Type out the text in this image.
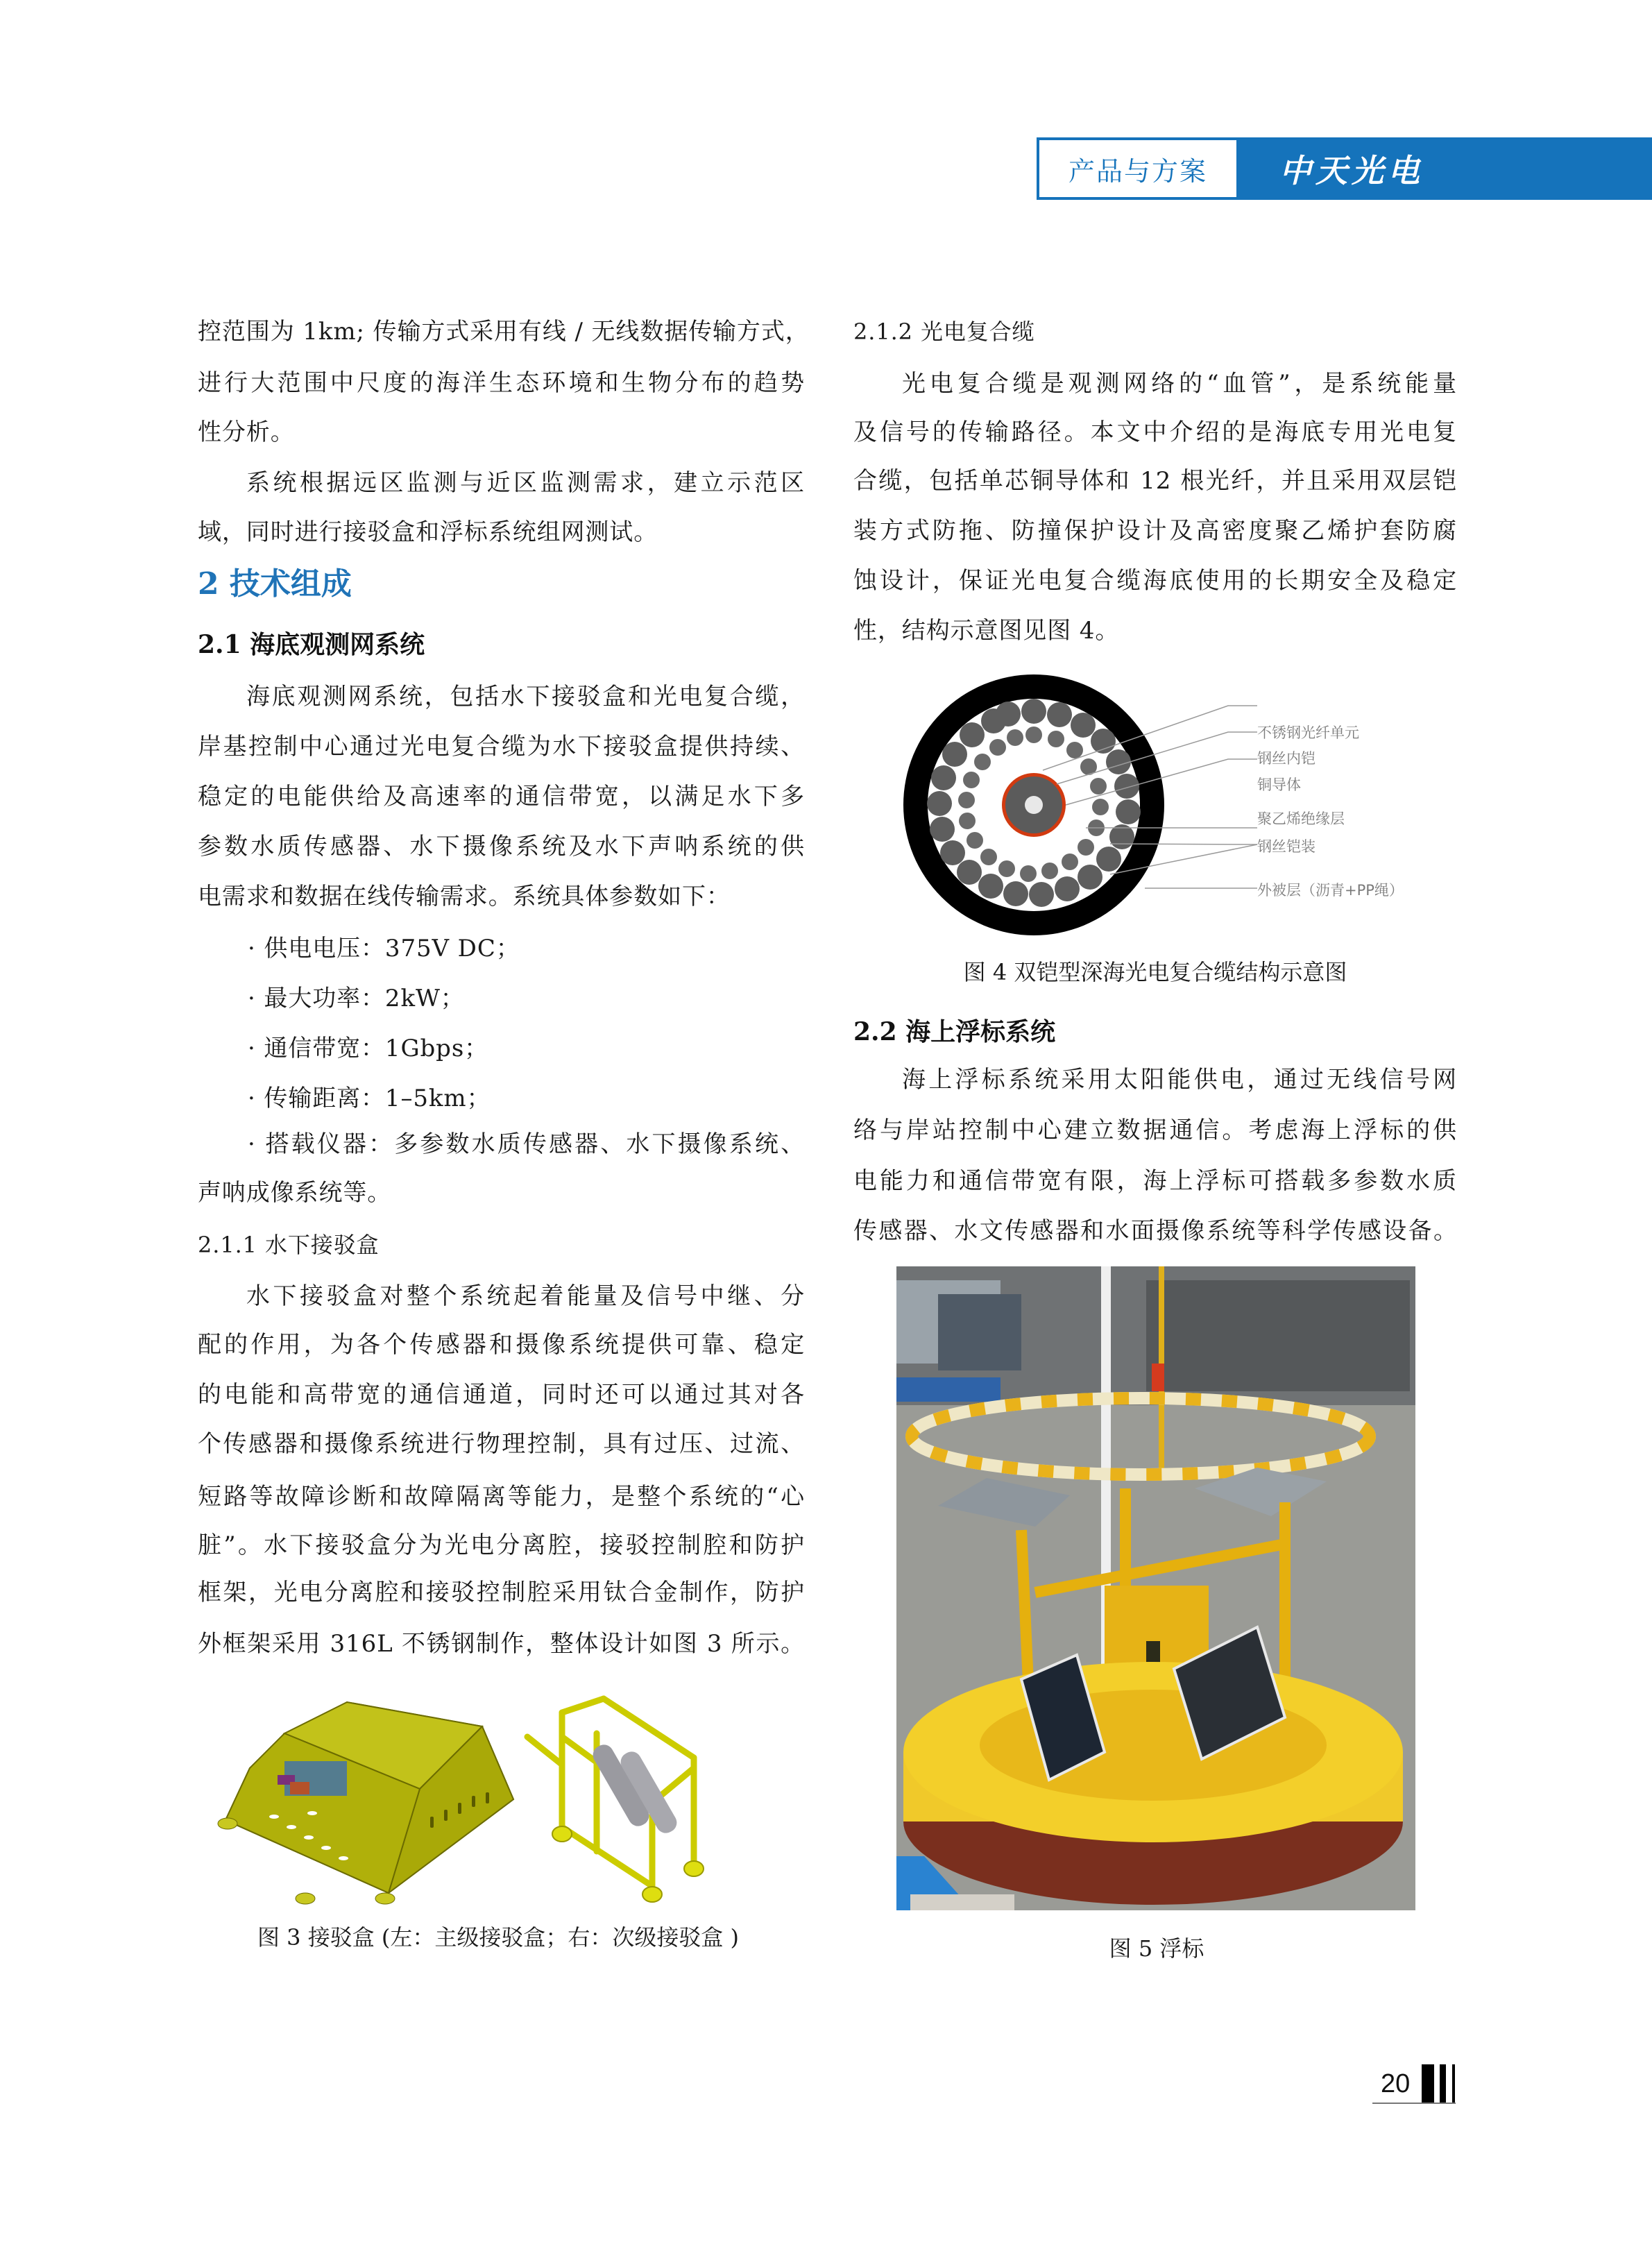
产品与方案 中天光电
控范围为 1km; 传输方式采用有线 / 无线数据传输方式，
进行大范围中尺度的海洋生态环境和生物分布的趋势
性分析。
系统根据远区监测与近区监测需求，建立示范区
域，同时进行接驳盒和浮标系统组网测试。
2 技术组成
2.1 海底观测网系统
海底观测网系统，包括水下接驳盒和光电复合缆，
岸基控制中心通过光电复合缆为水下接驳盒提供持续、
稳定的电能供给及高速率的通信带宽，以满足水下多
参数水质传感器、水下摄像系统及水下声呐系统的供
电需求和数据在线传输需求。系统具体参数如下：
· 供电电压：375V DC；
· 最大功率：2kW；
· 通信带宽：1Gbps；
· 传输距离：1–5km；
· 搭载仪器：多参数水质传感器、水下摄像系统、
声呐成像系统等。
2.1.1 水下接驳盒
水下接驳盒对整个系统起着能量及信号中继、分
配的作用，为各个传感器和摄像系统提供可靠、稳定
的电能和高带宽的通信通道，同时还可以通过其对各
个传感器和摄像系统进行物理控制，具有过压、过流、
短路等故障诊断和故障隔离等能力，是整个系统的“心
脏”。水下接驳盒分为光电分离腔，接驳控制腔和防护
框架，光电分离腔和接驳控制腔采用钛合金制作，防护
外框架采用 316L 不锈钢制作，整体设计如图 3 所示。
图 3 接驳盒 (左：主级接驳盒；右：次级接驳盒 )
2.1.2 光电复合缆
光电复合缆是观测网络的“血管”，是系统能量
及信号的传输路径。本文中介绍的是海底专用光电复
合缆，包括单芯铜导体和 12 根光纤，并且采用双层铠
装方式防拖、防撞保护设计及高密度聚乙烯护套防腐
蚀设计，保证光电复合缆海底使用的长期安全及稳定
性，结构示意图见图 4。
不锈钢光纤单元
钢丝内铠
铜导体
聚乙烯绝缘层
钢丝铠装
外被层（沥青+PP绳）
图 4 双铠型深海光电复合缆结构示意图
2.2 海上浮标系统
海上浮标系统采用太阳能供电，通过无线信号网
络与岸站控制中心建立数据通信。考虑海上浮标的供
电能力和通信带宽有限，海上浮标可搭载多参数水质
传感器、水文传感器和水面摄像系统等科学传感设备。
图 5 浮标
20
